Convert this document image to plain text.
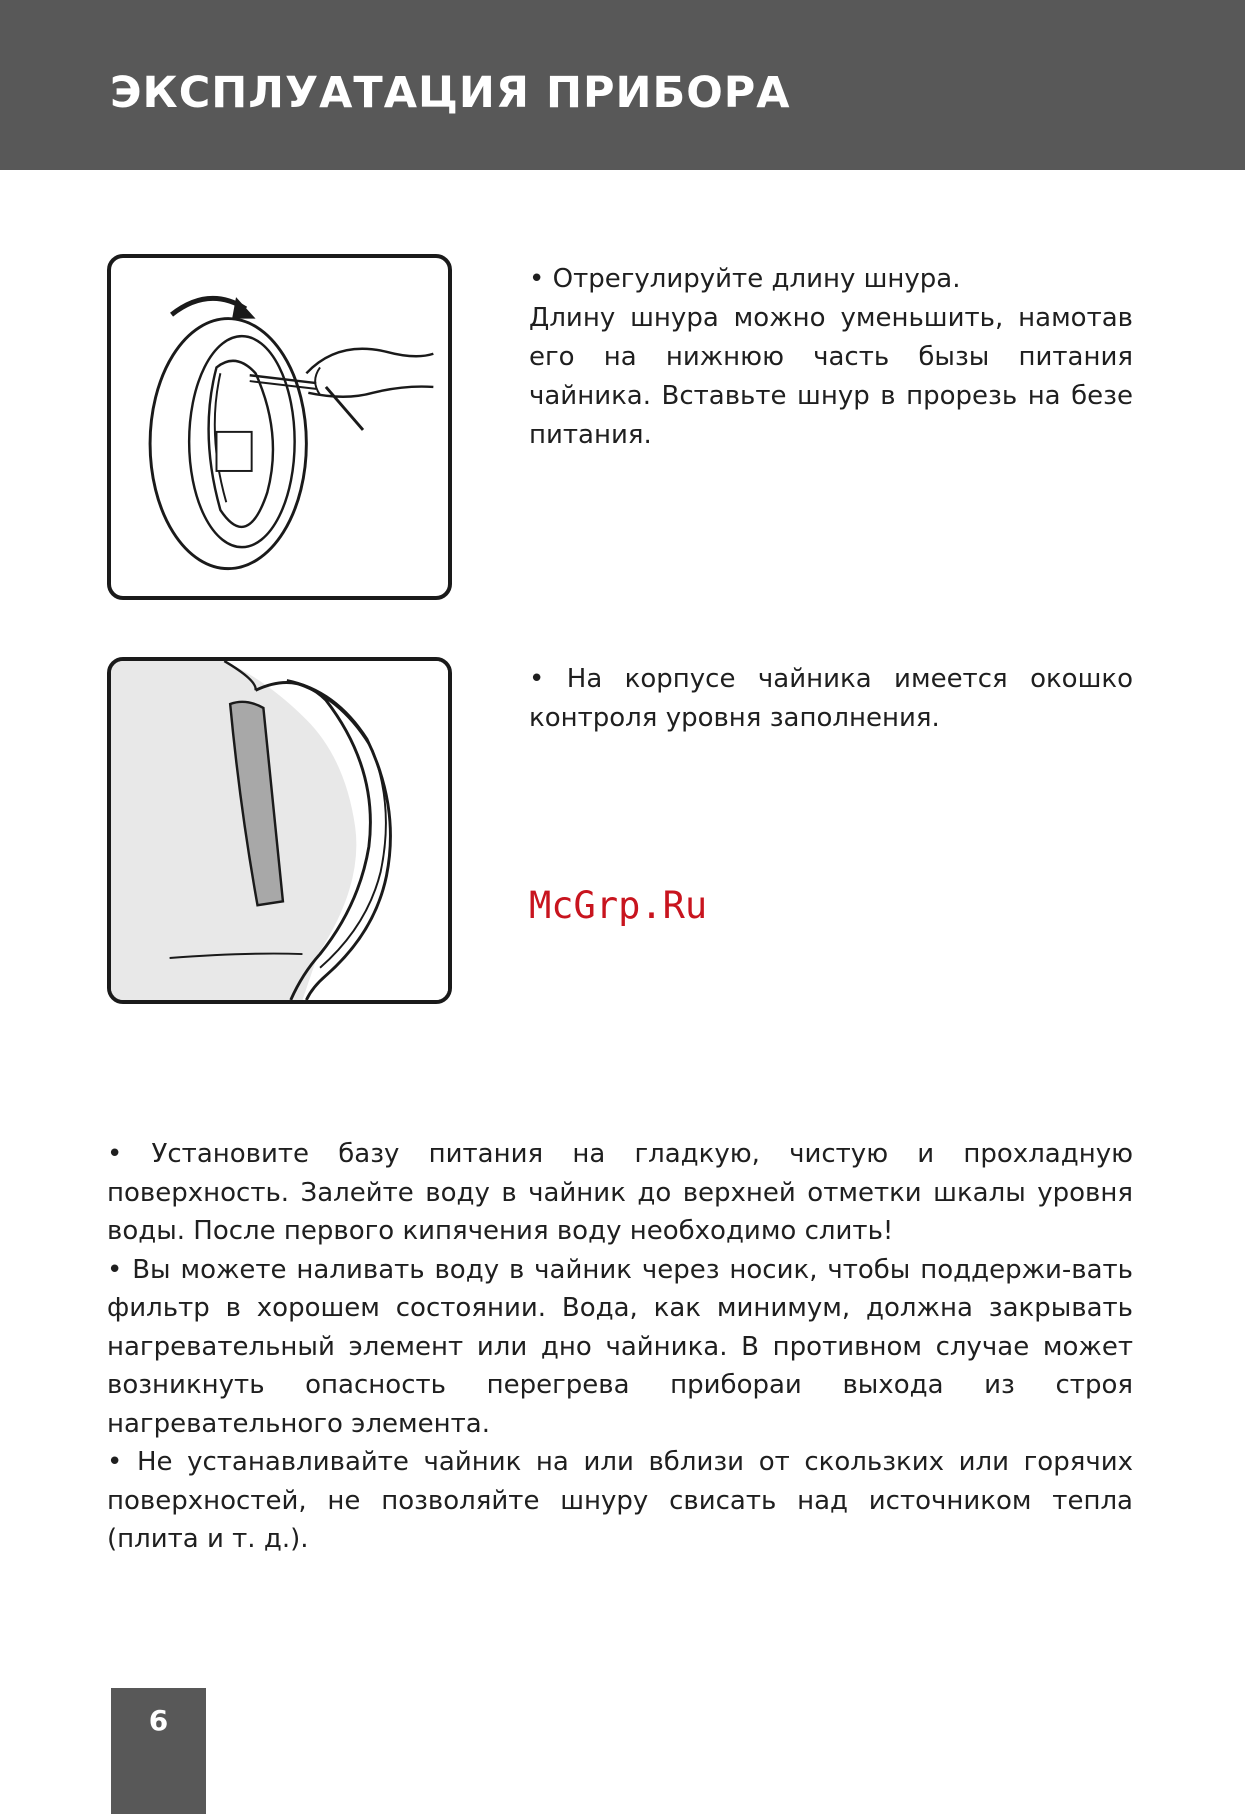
ЭКСПЛУАТАЦИЯ ПРИБОРА

• Отрегулируйте длину шнура.

Длину шнура можно уменьшить, намотав его на нижнюю часть бызы питания чайника. Вставьте шнур в прорезь на безе питания.

• На корпусе чайника имеется окошко контроля уровня заполнения.

McGrp.Ru

• Установите базу питания на гладкую, чистую и прохладную поверхность. Залейте воду в чайник до верхней отметки шкалы уровня воды. После первого кипячения воду необходимо слить!

• Вы можете наливать воду в чайник через носик, чтобы поддержи-вать фильтр в хорошем состоянии. Вода, как минимум, должна закрывать нагревательный элемент или дно чайника. В противном случае может возникнуть опасность перегрева прибораи выхода из строя нагревательного элемента.

• Не устанавливайте чайник на или вблизи от скользких или горячих поверхностей, не позволяйте шнуру свисать над источником тепла (плита и т. д.).

6
